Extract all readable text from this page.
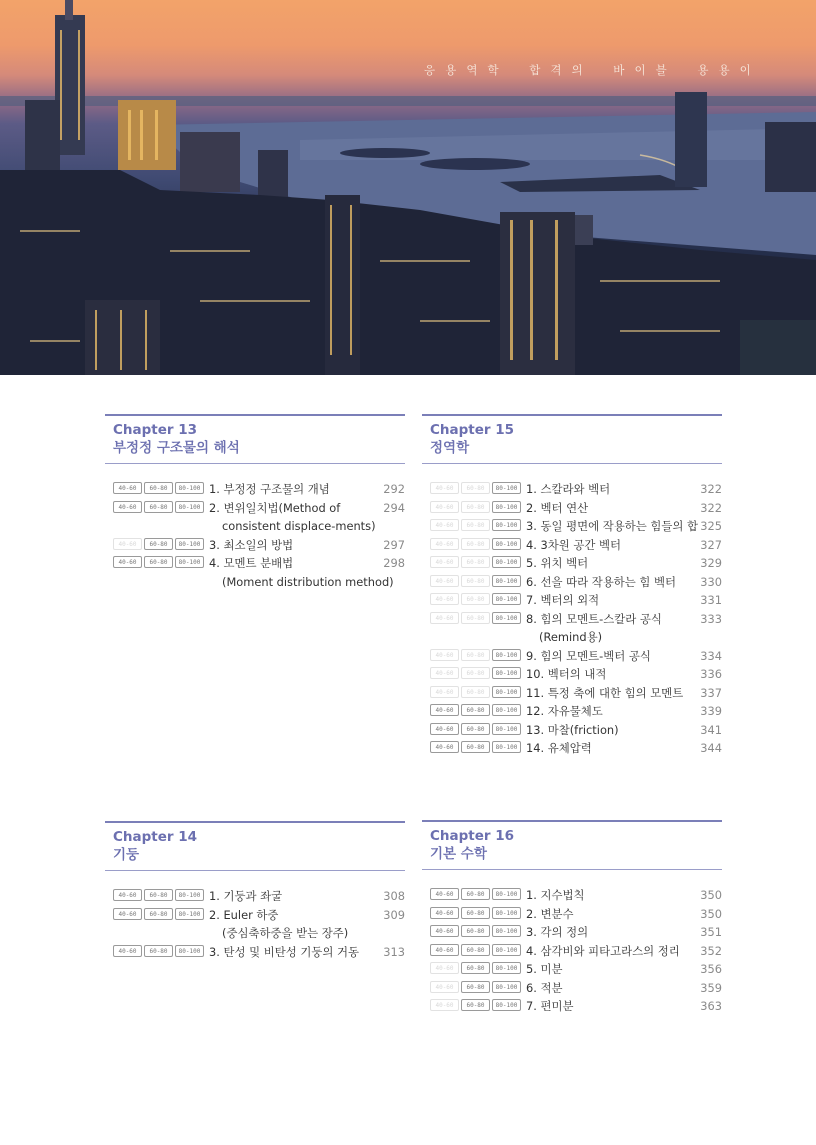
응 용 역 학    합 격 의    바 이 블    용 용 이
Chapter 13
부정정 구조물의 해석
40-60	60-80	80-100 1. 부정정 구조물의 개념	292
40-60	60-80	80-100 2. 변위일치법(Method of	294
consistent displace-ments)
40-60	60-80	80-100 3. 최소일의 방법	297
40-60	60-80	80-100 4. 모멘트 분배법	298
(Moment distribution method)
Chapter 15
정역학
40-60	60-80	80-100 1. 스칼라와 벡터	322
40-60	60-80	80-100 2. 벡터 연산	322
40-60	60-80	80-100 3. 동일 평면에 작용하는 힘들의 합 325
40-60	60-80	80-100 4. 3차원 공간 벡터	327
40-60	60-80	80-100 5. 위치 벡터	329
40-60	60-80	80-100 6. 선을 따라 작용하는 힘 벡터	330
40-60	60-80	80-100 7. 벡터의 외적	331
40-60	60-80	80-100 8. 힘의 모멘트-스칼라 공식	333
(Remind용)
40-60	60-80	80-100 9. 힘의 모멘트-벡터 공식	334
40-60	60-80	80-100 10. 벡터의 내적	336
40-60	60-80	80-100 11. 특정 축에 대한 힘의 모멘트	337
40-60	60-80	80-100 12. 자유물체도	339
40-60	60-80	80-100 13. 마찰(friction)	341
40-60	60-80	80-100 14. 유체압력	344
Chapter 14
기둥
40-60	60-80	80-100 1. 기둥과 좌굴	308
40-60	60-80	80-100 2. Euler 하중	309
(중심축하중을 받는 장주)
40-60	60-80	80-100 3. 탄성 및 비탄성 기둥의 거동	313
Chapter 16
기본 수학
40-60	60-80	80-100 1. 지수법칙	350
40-60	60-80	80-100 2. 변분수	350
40-60	60-80	80-100 3. 각의 정의	351
40-60	60-80	80-100 4. 삼각비와 피타고라스의 정리	352
40-60	60-80	80-100 5. 미분	356
40-60	60-80	80-100 6. 적분	359
40-60	60-80	80-100 7. 편미분	363
